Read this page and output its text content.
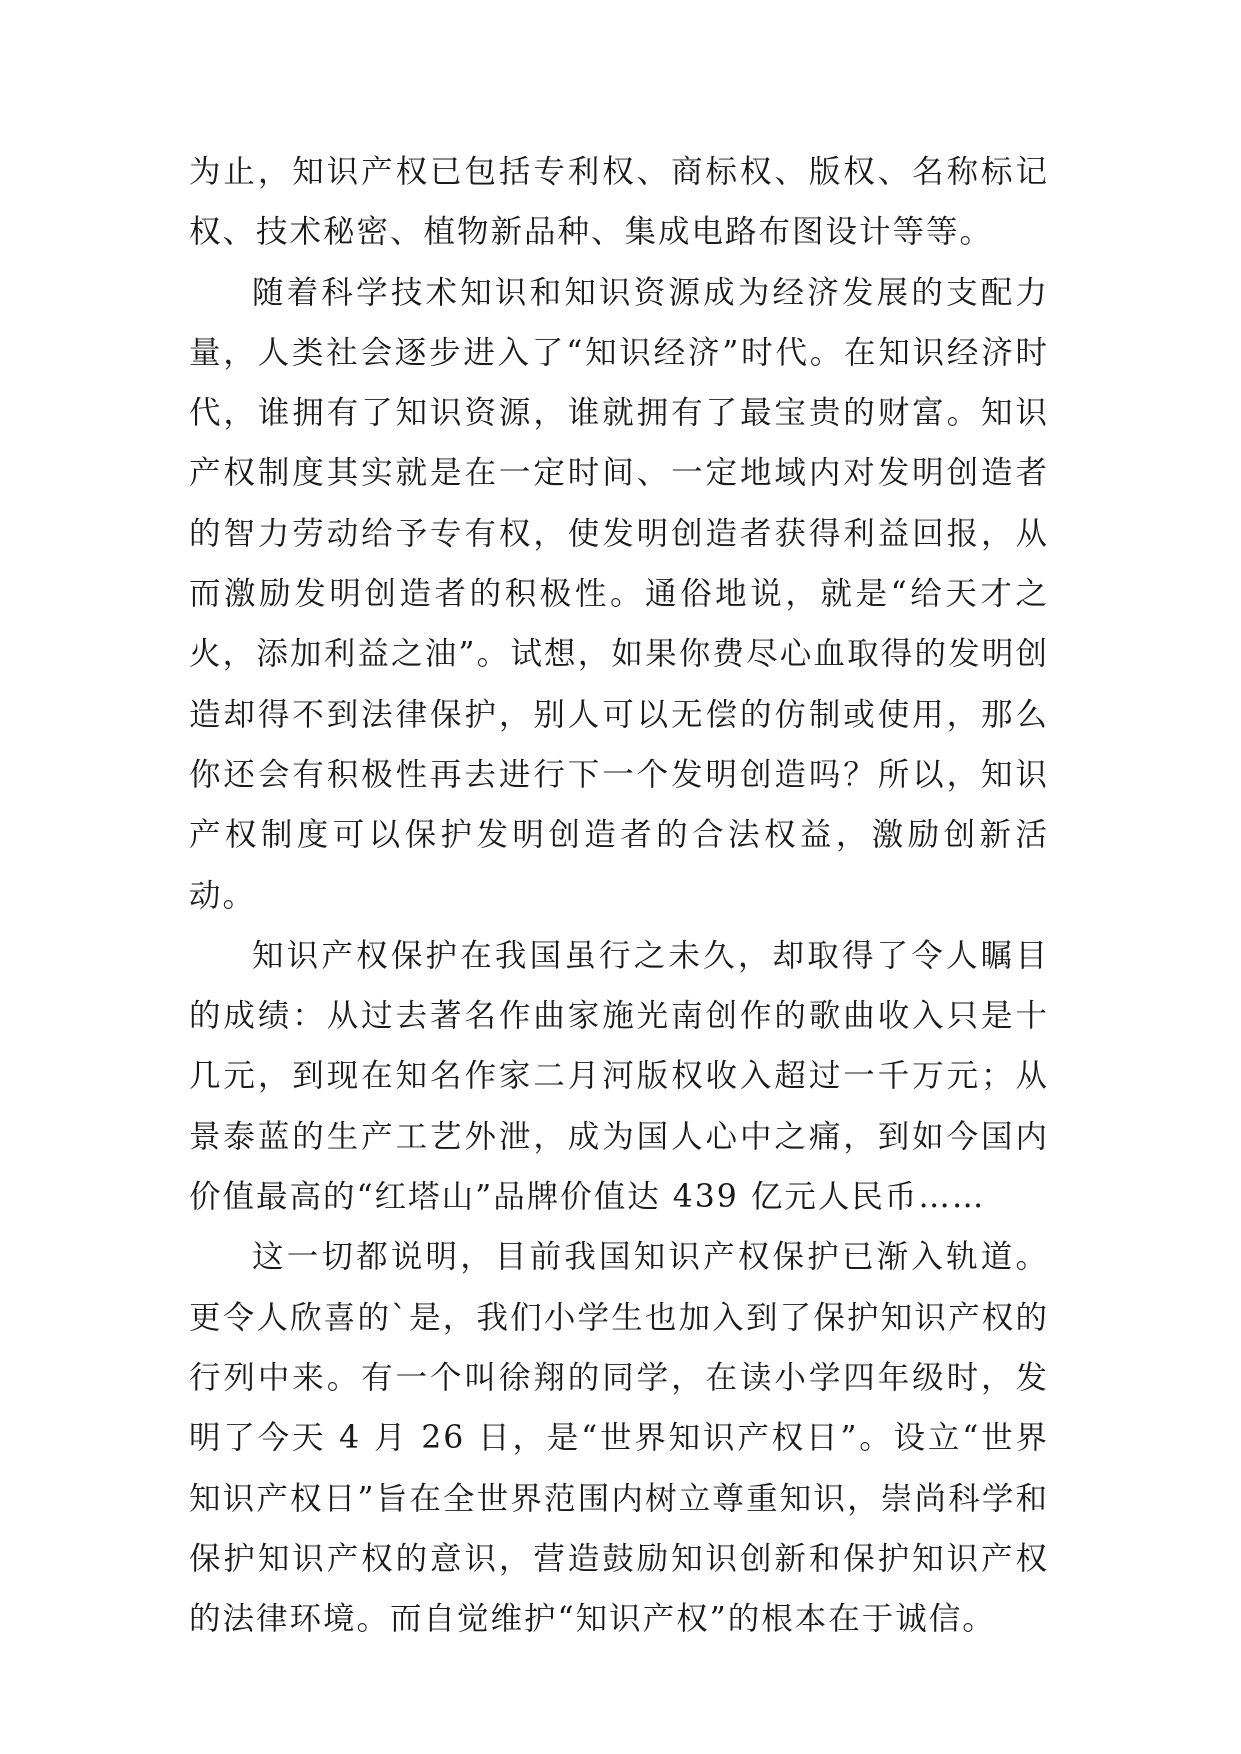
为止，知识产权已包括专利权、商标权、版权、名称标记权、技术秘密、植物新品种、集成电路布图设计等等。

随着科学技术知识和知识资源成为经济发展的支配力量，人类社会逐步进入了“知识经济”时代。在知识经济时代，谁拥有了知识资源，谁就拥有了最宝贵的财富。知识产权制度其实就是在一定时间、一定地域内对发明创造者的智力劳动给予专有权，使发明创造者获得利益回报，从而激励发明创造者的积极性。通俗地说，就是“给天才之火，添加利益之油”。试想，如果你费尽心血取得的发明创造却得不到法律保护，别人可以无偿的仿制或使用，那么你还会有积极性再去进行下一个发明创造吗？所以，知识产权制度可以保护发明创造者的合法权益，激励创新活动。

知识产权保护在我国虽行之未久，却取得了令人瞩目的成绩：从过去著名作曲家施光南创作的歌曲收入只是十几元，到现在知名作家二月河版权收入超过一千万元；从景泰蓝的生产工艺外泄，成为国人心中之痛，到如今国内价值最高的“红塔山”品牌价值达 439 亿元人民币……

这一切都说明，目前我国知识产权保护已渐入轨道。更令人欣喜的`是，我们小学生也加入到了保护知识产权的行列中来。有一个叫徐翔的同学，在读小学四年级时，发明了今天 4 月 26 日，是“世界知识产权日”。设立“世界知识产权日”旨在全世界范围内树立尊重知识，崇尚科学和保护知识产权的意识，营造鼓励知识创新和保护知识产权的法律环境。而自觉维护“知识产权”的根本在于诚信。
